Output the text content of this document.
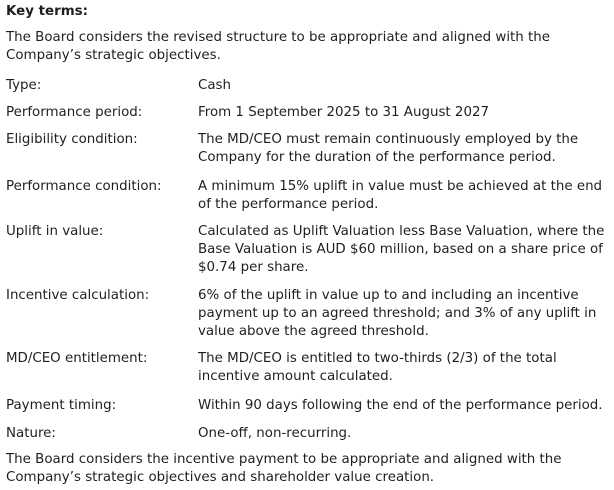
Key terms:
The Board considers the revised structure to be appropriate and aligned with the Company’s strategic objectives.
Type:	Cash
Performance period:	From 1 September 2025 to 31 August 2027
Eligibility condition:	The MD/CEO must remain continuously employed by the Company for the duration of the performance period.
Performance condition:	A minimum 15% uplift in value must be achieved at the end of the performance period.
Uplift in value:	Calculated as Uplift Valuation less Base Valuation, where the Base Valuation is AUD $60 million, based on a share price of $0.74 per share.
Incentive calculation:	6% of the uplift in value up to and including an incentive payment up to an agreed threshold; and 3% of any uplift in value above the agreed threshold.
MD/CEO entitlement:	The MD/CEO is entitled to two-thirds (2/3) of the total incentive amount calculated.
Payment timing:	Within 90 days following the end of the performance period.
Nature:	One-off, non-recurring.
The Board considers the incentive payment to be appropriate and aligned with the Company’s strategic objectives and shareholder value creation.
